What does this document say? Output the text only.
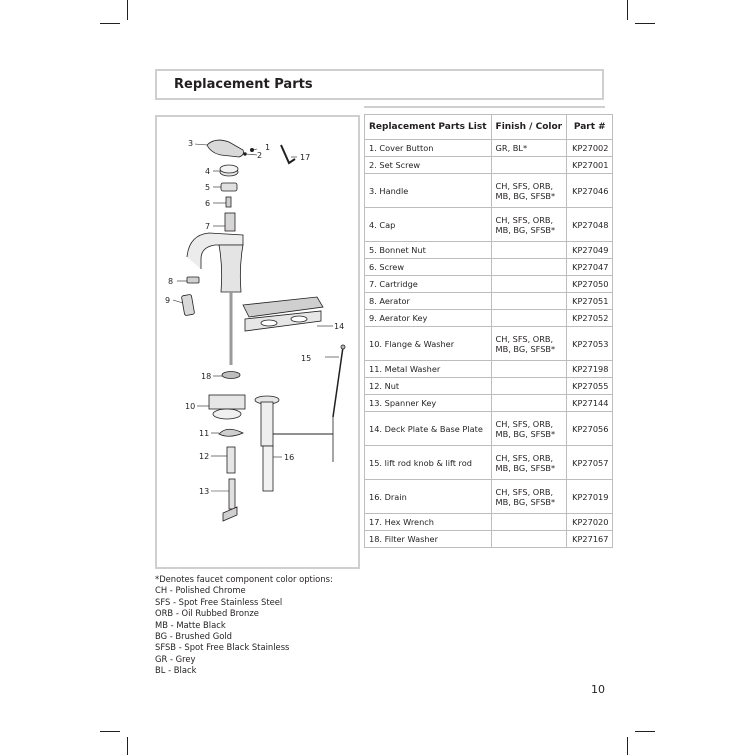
Replacement Parts
3	1
2	17
4
5
6
7
8
9
14
15
18
10
11
12	16
13
Replacement Parts List	Finish / Color	Part #
1. Cover Button	GR, BL*	KP27002
2. Set Screw		KP27001
3. Handle	CH, SFS, ORB, MB, BG, SFSB*	KP27046
4. Cap	CH, SFS, ORB, MB, BG, SFSB*	KP27048
5. Bonnet Nut		KP27049
6. Screw		KP27047
7. Cartridge		KP27050
8. Aerator		KP27051
9. Aerator Key		KP27052
10. Flange & Washer	CH, SFS, ORB, MB, BG, SFSB*	KP27053
11. Metal Washer		KP27198
12. Nut		KP27055
13. Spanner Key		KP27144
14. Deck Plate & Base Plate	CH, SFS, ORB, MB, BG, SFSB*	KP27056
15. lift rod knob & lift rod	CH, SFS, ORB, MB, BG, SFSB*	KP27057
16. Drain	CH, SFS, ORB, MB, BG, SFSB*	KP27019
17. Hex Wrench		KP27020
18. Filter Washer		KP27167
*Denotes faucet component color options:
CH - Polished Chrome
SFS - Spot Free Stainless Steel
ORB - Oil Rubbed Bronze
MB - Matte Black
BG - Brushed Gold
SFSB - Spot Free Black Stainless
GR - Grey
BL - Black
10
